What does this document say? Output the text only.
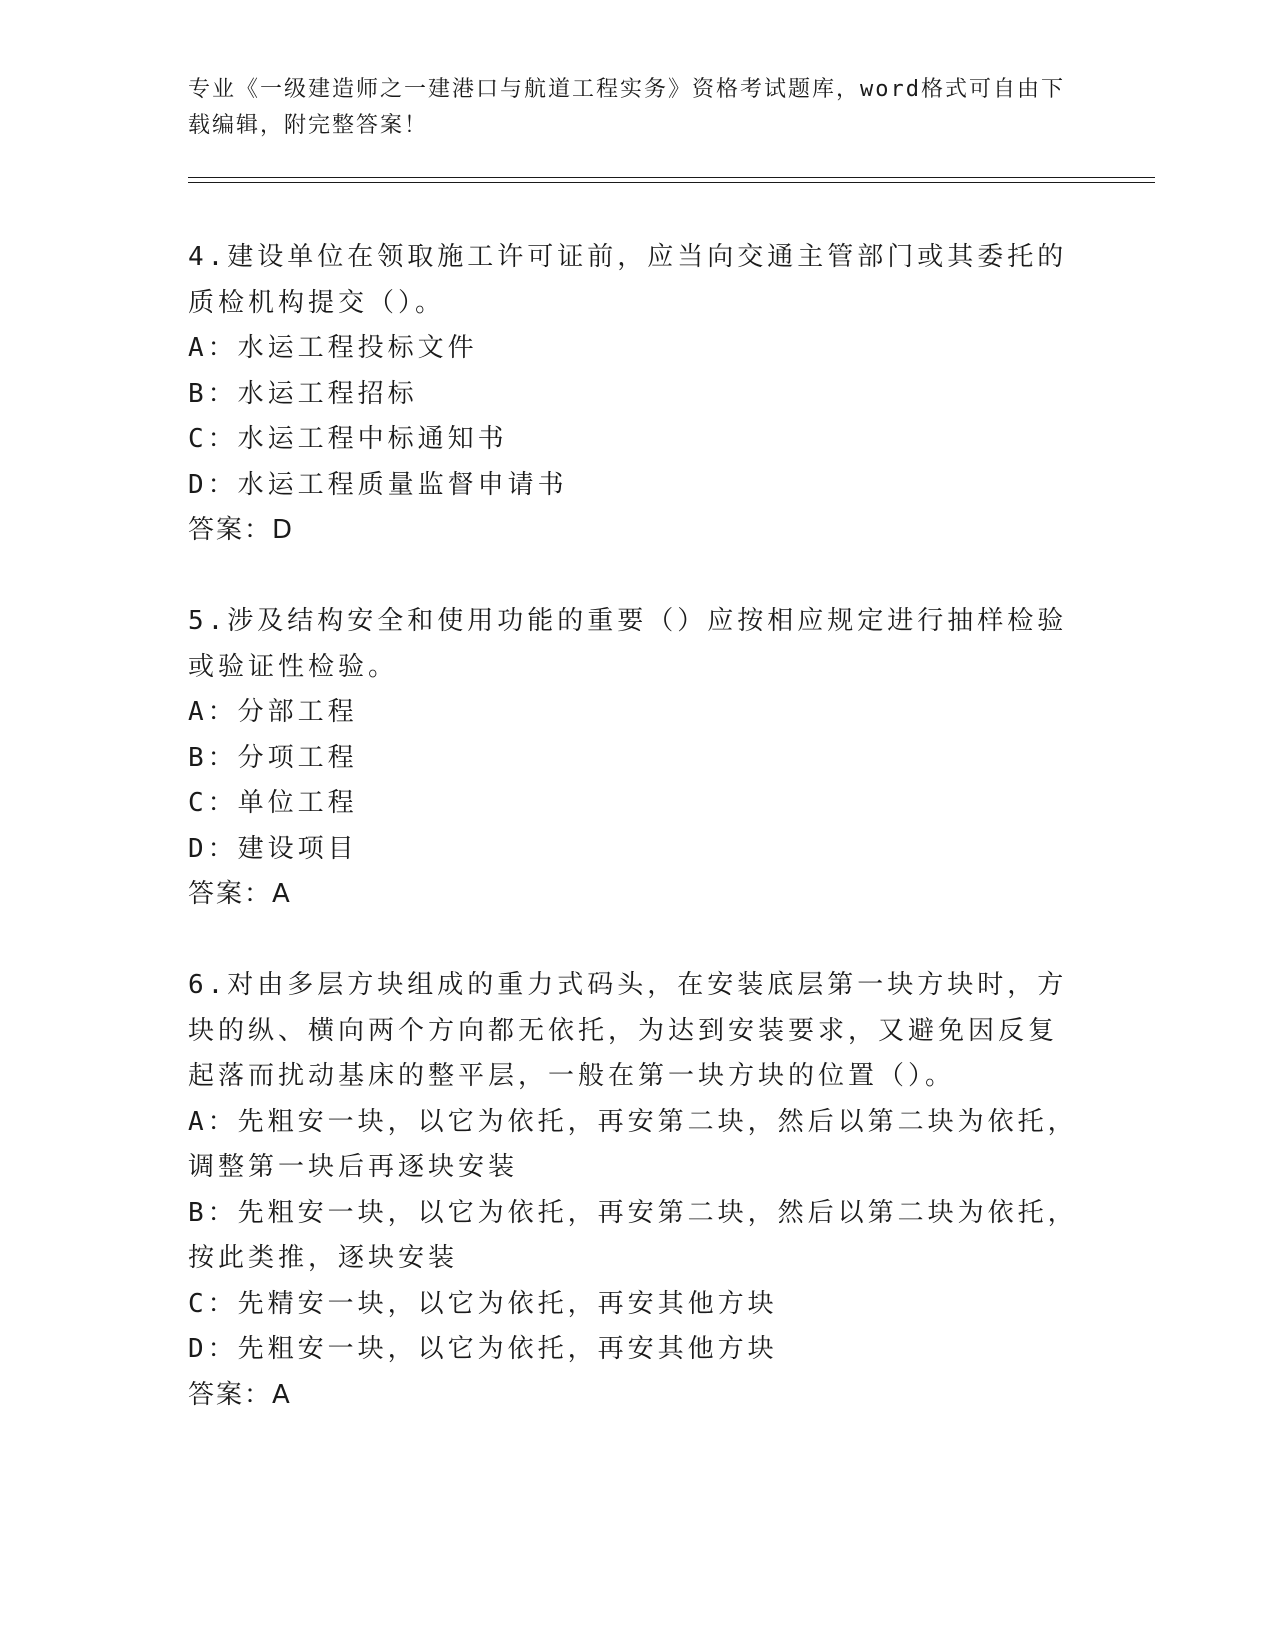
专业《一级建造师之一建港口与航道工程实务》资格考试题库，word格式可自由下载编辑，附完整答案！
4.建设单位在领取施工许可证前，应当向交通主管部门或其委托的质检机构提交（）。
A：水运工程投标文件
B：水运工程招标
C：水运工程中标通知书
D：水运工程质量监督申请书
答案：D
5.涉及结构安全和使用功能的重要（）应按相应规定进行抽样检验或验证性检验。
A：分部工程
B：分项工程
C：单位工程
D：建设项目
答案：A
6.对由多层方块组成的重力式码头，在安装底层第一块方块时，方块的纵、横向两个方向都无依托，为达到安装要求，又避免因反复起落而扰动基床的整平层，一般在第一块方块的位置（）。
A：先粗安一块，以它为依托，再安第二块，然后以第二块为依托，调整第一块后再逐块安装
B：先粗安一块，以它为依托，再安第二块，然后以第二块为依托，按此类推，逐块安装
C：先精安一块，以它为依托，再安其他方块
D：先粗安一块，以它为依托，再安其他方块
答案：A
